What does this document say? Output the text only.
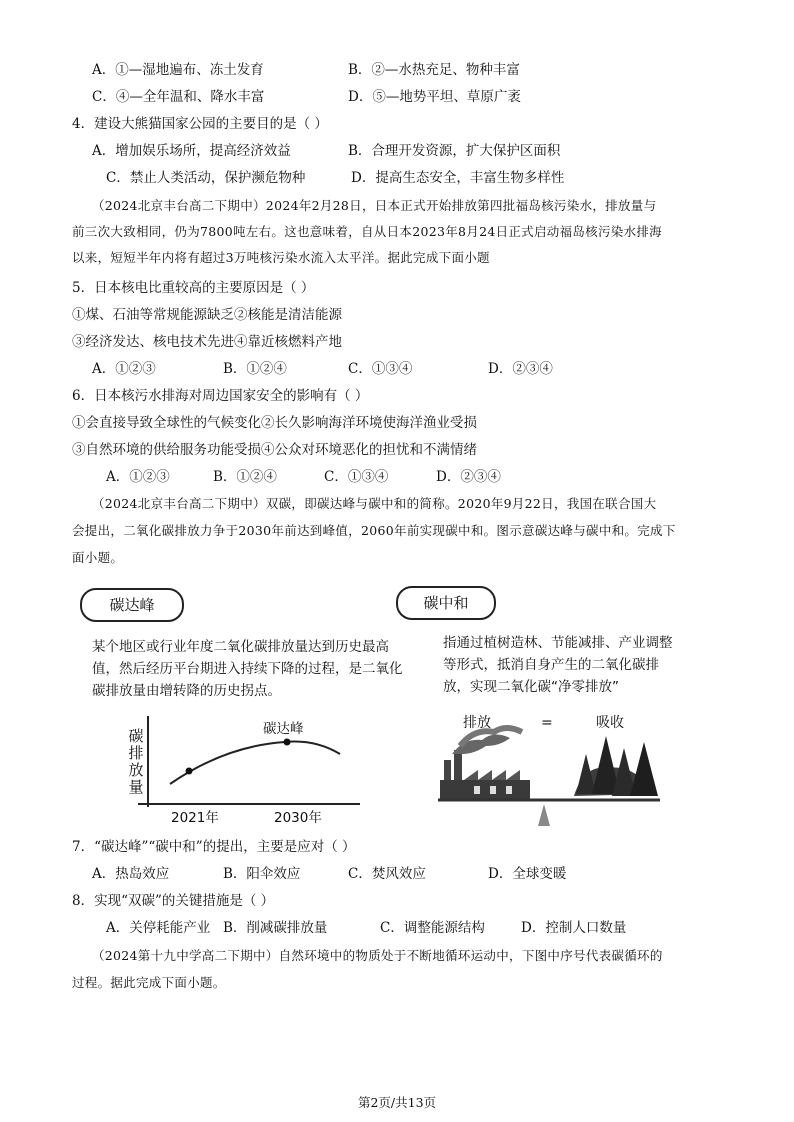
A．①—湿地遍布、冻土发育	B．②—水热充足、物种丰富
C．④—全年温和、降水丰富	D．⑤—地势平坦、草原广袤
4．建设大熊猫国家公园的主要目的是（ ）
A．增加娱乐场所，提高经济效益	B．合理开发资源，扩大保护区面积
C．禁止人类活动，保护濒危物种	D．提高生态安全，丰富生物多样性
（2024北京丰台高二下期中）2024年2月28日，日本正式开始排放第四批福岛核污染水，排放量与
前三次大致相同，仍为7800吨左右。这也意味着，自从日本2023年8月24日正式启动福岛核污染水排海
以来，短短半年内将有超过3万吨核污染水流入太平洋。据此完成下面小题
5．日本核电比重较高的主要原因是（ ）
①煤、石油等常规能源缺乏②核能是清洁能源
③经济发达、核电技术先进④靠近核燃料产地
A．①②③	B．①②④	C．①③④	D．②③④
6．日本核污水排海对周边国家安全的影响有（ ）
①会直接导致全球性的气候变化②长久影响海洋环境使海洋渔业受损
③自然环境的供给服务功能受损④公众对环境恶化的担忧和不满情绪
A．①②③	B．①②④	C．①③④	D．②③④
（2024北京丰台高二下期中）双碳，即碳达峰与碳中和的简称。2020年9月22日，我国在联合国大
会提出，二氧化碳排放力争于2030年前达到峰值，2060年前实现碳中和。图示意碳达峰与碳中和。完成下
面小题。
碳达峰
某个地区或行业年度二氧化碳排放量达到历史最高值，然后经历平台期进入持续下降的过程，是二氧化碳排放量由增转降的历史拐点。
碳达峰
碳排放量
2021年	2030年
碳中和
指通过植树造林、节能减排、产业调整等形式，抵消自身产生的二氧化碳排放，实现二氧化碳“净零排放”
排放	=	吸收
7．“碳达峰”“碳中和”的提出，主要是应对（ ）
A．热岛效应	B．阳伞效应	C．焚风效应	D．全球变暖
8．实现“双碳”的关键措施是（ ）
A．关停耗能产业 B．削减碳排放量	C．调整能源结构	D．控制人口数量
（2024第十九中学高二下期中）自然环境中的物质处于不断地循环运动中，下图中序号代表碳循环的
过程。据此完成下面小题。
第2页/共13页
